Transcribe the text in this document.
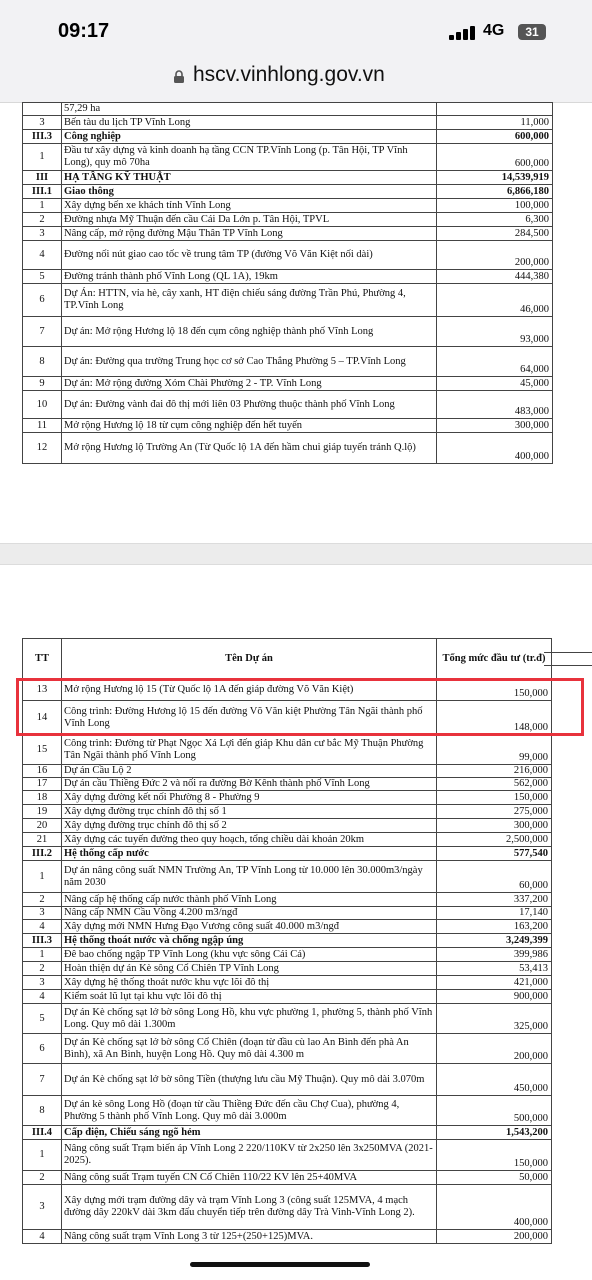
09:17	4G	31
hscv.vinhlong.gov.vn
	57,29 ha	
3	Bến tàu du lịch TP Vĩnh Long	11,000
III.3	Công nghiệp	600,000
1	Đầu tư xây dựng và kinh doanh hạ tầng CCN TP.Vĩnh Long (p. Tân Hội, TP Vĩnh Long), quy mô 70ha	600,000
III	HẠ TẦNG KỸ THUẬT	14,539,919
III.1	Giao thông	6,866,180
1	Xây dựng bến xe khách tỉnh Vĩnh Long	100,000
2	Đường nhựa Mỹ Thuận đến cầu Cái Da Lớn p. Tân Hội, TPVL	6,300
3	Nâng cấp, mở rộng đường Mậu Thân TP Vĩnh Long	284,500
4	Đường nối nút giao cao tốc về trung tâm TP (đường Võ Văn Kiệt nối dài)	200,000
5	Đường tránh thành phố Vĩnh Long (QL 1A), 19km	444,380
6	Dự Án: HTTN, vỉa hè, cây xanh, HT điện chiếu sáng đường Trần Phú, Phường 4, TP.Vĩnh Long	46,000
7	Dự án: Mở rộng Hương lộ 18 đến cụm công nghiệp thành phố Vĩnh Long	93,000
8	Dự án: Đường qua trường Trung học cơ sở Cao Thắng Phường 5 – TP.Vĩnh Long	64,000
9	Dự án: Mở rộng đường Xóm Chài Phường 2 - TP. Vĩnh Long	45,000
10	Dự án: Đường vành đai đô thị mới liên 03 Phường thuộc thành phố Vĩnh Long	483,000
11	Mở rộng Hương lộ 18 từ cụm công nghiệp đến hết tuyến	300,000
12	Mở rộng Hương lộ Trường An (Từ Quốc lộ 1A đến hầm chui giáp tuyến tránh Q.lộ)	400,000
TT	Tên Dự án	Tổng mức đầu tư (tr.đ)
13	Mở rộng Hương lộ 15 (Từ Quốc lộ 1A đến giáp đường Võ Văn Kiệt)	150,000
14	Công trình: Đường Hương lộ 15 đến đường Võ Văn kiệt Phường Tân Ngãi thành phố Vĩnh Long	148,000
15	Công trình: Đường từ Phạt Ngọc Xá Lợi đến giáp Khu dân cư bắc Mỹ Thuận Phường Tân Ngãi thành phố Vĩnh Long	99,000
16	Dự án Cầu Lộ 2	216,000
17	Dự án cầu Thiềng Đức 2 và nối ra đường Bờ Kênh thành phố Vĩnh Long	562,000
18	Xây dựng đường kết nối Phường 8 - Phường 9	150,000
19	Xây dựng đường trục chính đô thị số 1	275,000
20	Xây dựng đường trục chính đô thị số 2	300,000
21	Xây dựng các tuyến đường theo quy hoạch, tổng chiều dài khoản 20km	2,500,000
III.2	Hệ thống cấp nước	577,540
1	Dự án nâng công suất NMN Trường An, TP Vĩnh Long từ 10.000 lên 30.000m3/ngày năm 2030	60,000
2	Nâng cấp hệ thống cấp nước thành phố Vĩnh Long	337,200
3	Nâng cấp NMN Cầu Vồng 4.200 m3/ngđ	17,140
4	Xây dựng mới NMN Hưng Đạo Vương công suất 40.000 m3/ngđ	163,200
III.3	Hệ thống thoát nước và chống ngập úng	3,249,399
1	Đê bao chống ngập TP Vĩnh Long (khu vực sông Cái Cá)	399,986
2	Hoàn thiện dự án Kè sông Cổ Chiên TP Vĩnh Long	53,413
3	Xây dựng hệ thống thoát nước khu vực lõi đô thị	421,000
4	Kiểm soát lũ lụt tại khu vực lõi đô thị	900,000
5	Dự án Kè chống sạt lở bờ sông Long Hồ, khu vực phường 1, phường 5, thành phố Vĩnh Long. Quy mô dài 1.300m	325,000
6	Dự án Kè chống sạt lở bờ sông Cổ Chiên (đoạn từ đầu cù lao An Bình đến phà An Bình), xã An Bình, huyện Long Hồ. Quy mô dài 4.300 m	200,000
7	Dự án Kè chống sạt lở bờ sông Tiền (thượng lưu cầu Mỹ Thuận). Quy mô dài 3.070m	450,000
8	Dự án kè sông Long Hồ (đoạn từ cầu Thiềng Đức đến cầu Chợ Cua), phường 4, Phường 5 thành phố Vĩnh Long. Quy mô dài 3.000m	500,000
III.4	Cấp điện, Chiếu sáng ngõ hẻm	1,543,200
1	Nâng công suất Trạm biến áp Vĩnh Long 2 220/110KV từ 2x250 lên 3x250MVA (2021-2025).	150,000
2	Nâng công suất Trạm tuyến CN Cổ Chiên 110/22 KV lên 25+40MVA	50,000
3	Xây dựng mới trạm đường dây và trạm Vĩnh Long 3 (công suất 125MVA, 4 mạch đường dây 220kV dài 3km đấu chuyển tiếp trên đường dây Trà Vinh-Vĩnh Long 2).	400,000
4	Nâng công suất trạm Vĩnh Long 3 từ 125+(250+125)MVA.	200,000
